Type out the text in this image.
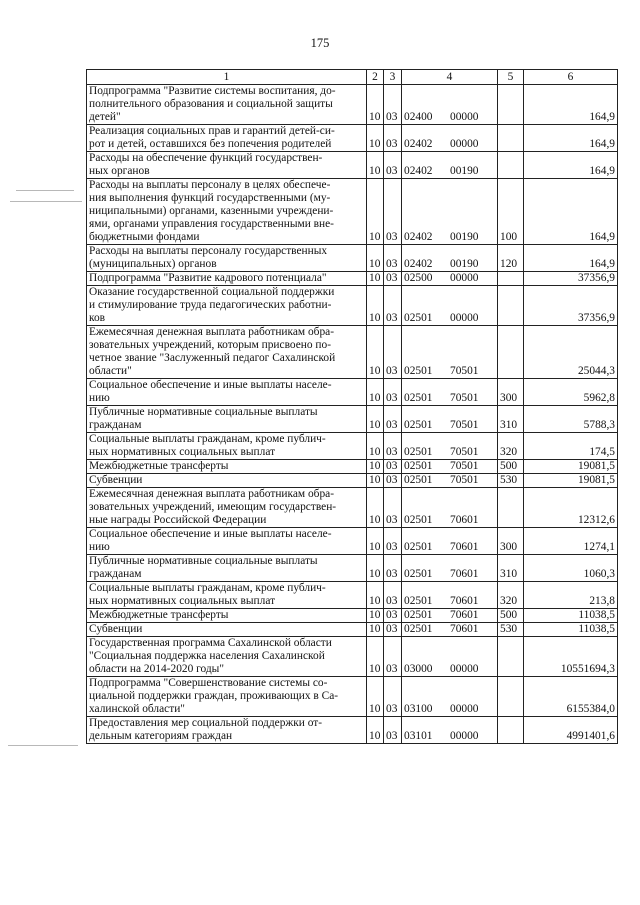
175
1	2	3	4	5	6

Подпрограмма "Развитие системы воспитания, до-
полнительного образования и социальной защиты
детей"	10	03	02400 00000		164,9

Реализация социальных прав и гарантий детей-си-
рот и детей, оставшихся без попечения родителей	10	03	02402 00000		164,9

Расходы на обеспечение функций государствен-
ных органов	10	03	02402 00190		164,9

Расходы на выплаты персоналу в целях обеспече-
ния выполнения функций государственными (му-
ниципальными) органами, казенными учреждени-
ями, органами управления государственными вне-
бюджетными фондами	10	03	02402 00190	100	164,9

Расходы на выплаты персоналу государственных
(муниципальных) органов	10	03	02402 00190	120	164,9

Подпрограмма "Развитие кадрового потенциала"	10	03	02500 00000		37356,9

Оказание государственной социальной поддержки
и стимулирование труда педагогических работни-
ков	10	03	02501 00000		37356,9

Ежемесячная денежная выплата работникам обра-
зовательных учреждений, которым присвоено по-
четное звание "Заслуженный педагог Сахалинской
области"	10	03	02501 70501		25044,3

Социальное обеспечение и иные выплаты населе-
нию	10	03	02501 70501	300	5962,8

Публичные нормативные социальные выплаты
гражданам	10	03	02501 70501	310	5788,3

Социальные выплаты гражданам, кроме публич-
ных нормативных социальных выплат	10	03	02501 70501	320	174,5

Межбюджетные трансферты	10	03	02501 70501	500	19081,5

Субвенции	10	03	02501 70501	530	19081,5

Ежемесячная денежная выплата работникам обра-
зовательных учреждений, имеющим государствен-
ные награды Российской Федерации	10	03	02501 70601		12312,6

Социальное обеспечение и иные выплаты населе-
нию	10	03	02501 70601	300	1274,1

Публичные нормативные социальные выплаты
гражданам	10	03	02501 70601	310	1060,3

Социальные выплаты гражданам, кроме публич-
ных нормативных социальных выплат	10	03	02501 70601	320	213,8

Межбюджетные трансферты	10	03	02501 70601	500	11038,5

Субвенции	10	03	02501 70601	530	11038,5

Государственная программа Сахалинской области
"Социальная поддержка населения Сахалинской
области на 2014-2020 годы"	10	03	03000 00000		10551694,3

Подпрограмма "Совершенствование системы со-
циальной поддержки граждан, проживающих в Са-
халинской области"	10	03	03100 00000		6155384,0

Предоставления мер социальной поддержки от-
дельным категориям граждан	10	03	03101 00000		4991401,6
